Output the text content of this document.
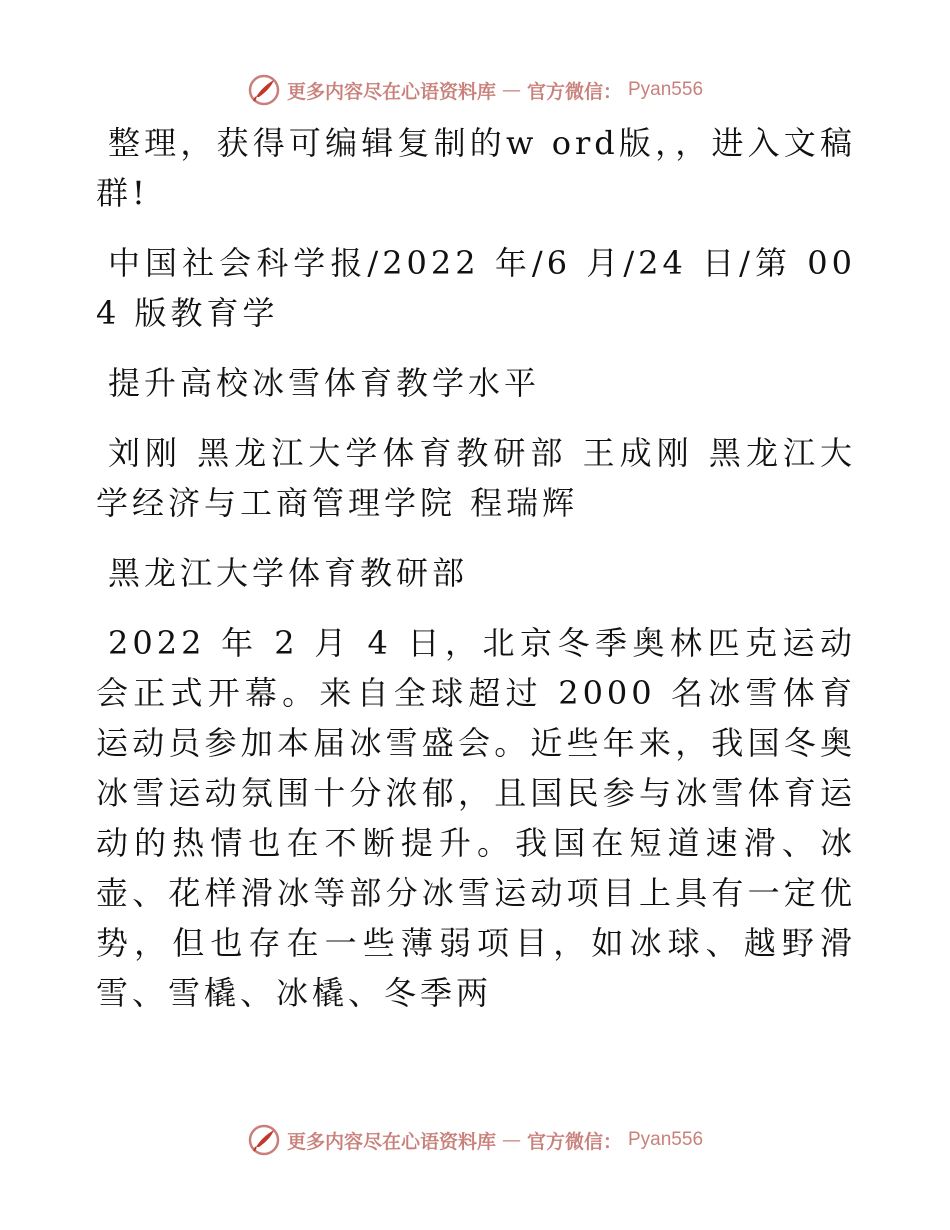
更多内容尽在心语资料库 — 官方微信： Pyan556

整理，获得可编辑复制的w ord版，，进入文稿群!

中国社会科学报/2022 年/6 月/24 日/第 004 版教育学

提升高校冰雪体育教学水平

刘刚 黑龙江大学体育教研部 王成刚 黑龙江大学经济与工商管理学院 程瑞辉

黑龙江大学体育教研部

2022 年 2 月 4 日，北京冬季奥林匹克运动会正式开幕。来自全球超过 2000 名冰雪体育运动员参加本届冰雪盛会。近些年来，我国冬奥冰雪运动氛围十分浓郁，且国民参与冰雪体育运动的热情也在不断提升。我国在短道速滑、冰壶、花样滑冰等部分冰雪运动项目上具有一定优势，但也存在一些薄弱项目，如冰球、越野滑雪、雪橇、冰橇、冬季两

更多内容尽在心语资料库 — 官方微信： Pyan556
